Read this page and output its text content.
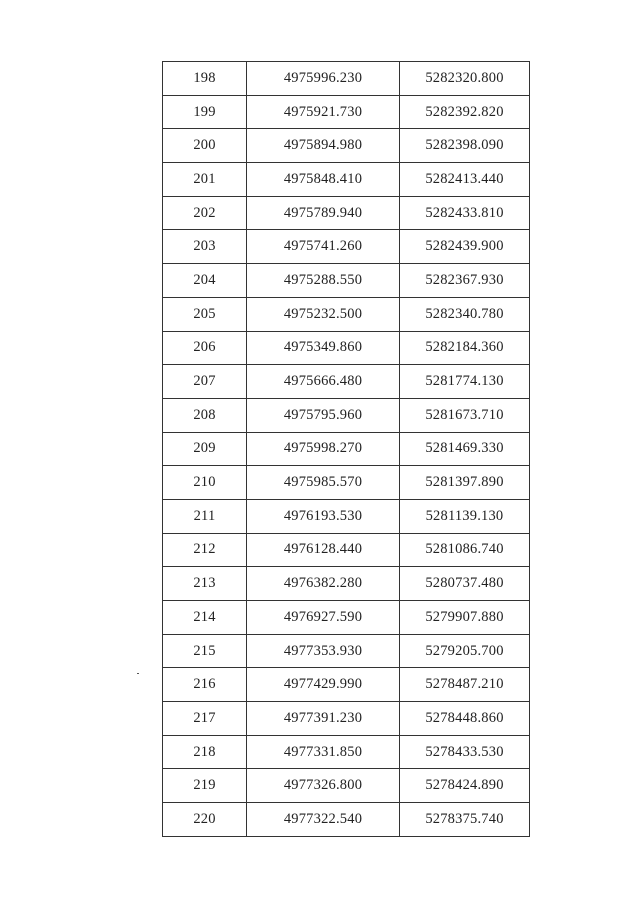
198	4975996.230	5282320.800
199	4975921.730	5282392.820
200	4975894.980	5282398.090
201	4975848.410	5282413.440
202	4975789.940	5282433.810
203	4975741.260	5282439.900
204	4975288.550	5282367.930
205	4975232.500	5282340.780
206	4975349.860	5282184.360
207	4975666.480	5281774.130
208	4975795.960	5281673.710
209	4975998.270	5281469.330
210	4975985.570	5281397.890
211	4976193.530	5281139.130
212	4976128.440	5281086.740
213	4976382.280	5280737.480
214	4976927.590	5279907.880
215	4977353.930	5279205.700
216	4977429.990	5278487.210
217	4977391.230	5278448.860
218	4977331.850	5278433.530
219	4977326.800	5278424.890
220	4977322.540	5278375.740
